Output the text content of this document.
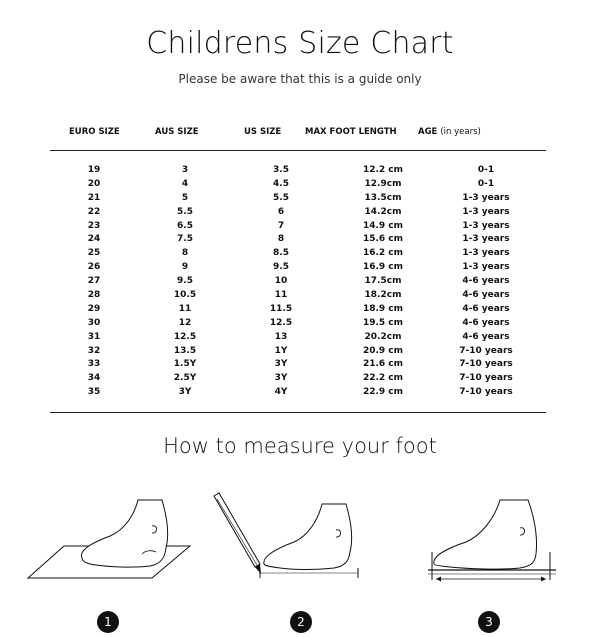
Childrens Size Chart
Please be aware that this is a guide only
EURO SIZE	AUS SIZE	US SIZE	MAX FOOT LENGTH	AGE (in years)
19	3	3.5	12.2 cm	0-1
20	4	4.5	12.9cm	0-1
21	5	5.5	13.5cm	1-3 years
22	5.5	6	14.2cm	1-3 years
23	6.5	7	14.9 cm	1-3 years
24	7.5	8	15.6 cm	1-3 years
25	8	8.5	16.2 cm	1-3 years
26	9	9.5	16.9 cm	1-3 years
27	9.5	10	17.5cm	4-6 years
28	10.5	11	18.2cm	4-6 years
29	11	11.5	18.9 cm	4-6 years
30	12	12.5	19.5 cm	4-6 years
31	12.5	13	20.2cm	4-6 years
32	13.5	1Y	20.9 cm	7-10 years
33	1.5Y	3Y	21.6 cm	7-10 years
34	2.5Y	3Y	22.2 cm	7-10 years
35	3Y	4Y	22.9 cm	7-10 years
How to measure your foot
1	2	3
